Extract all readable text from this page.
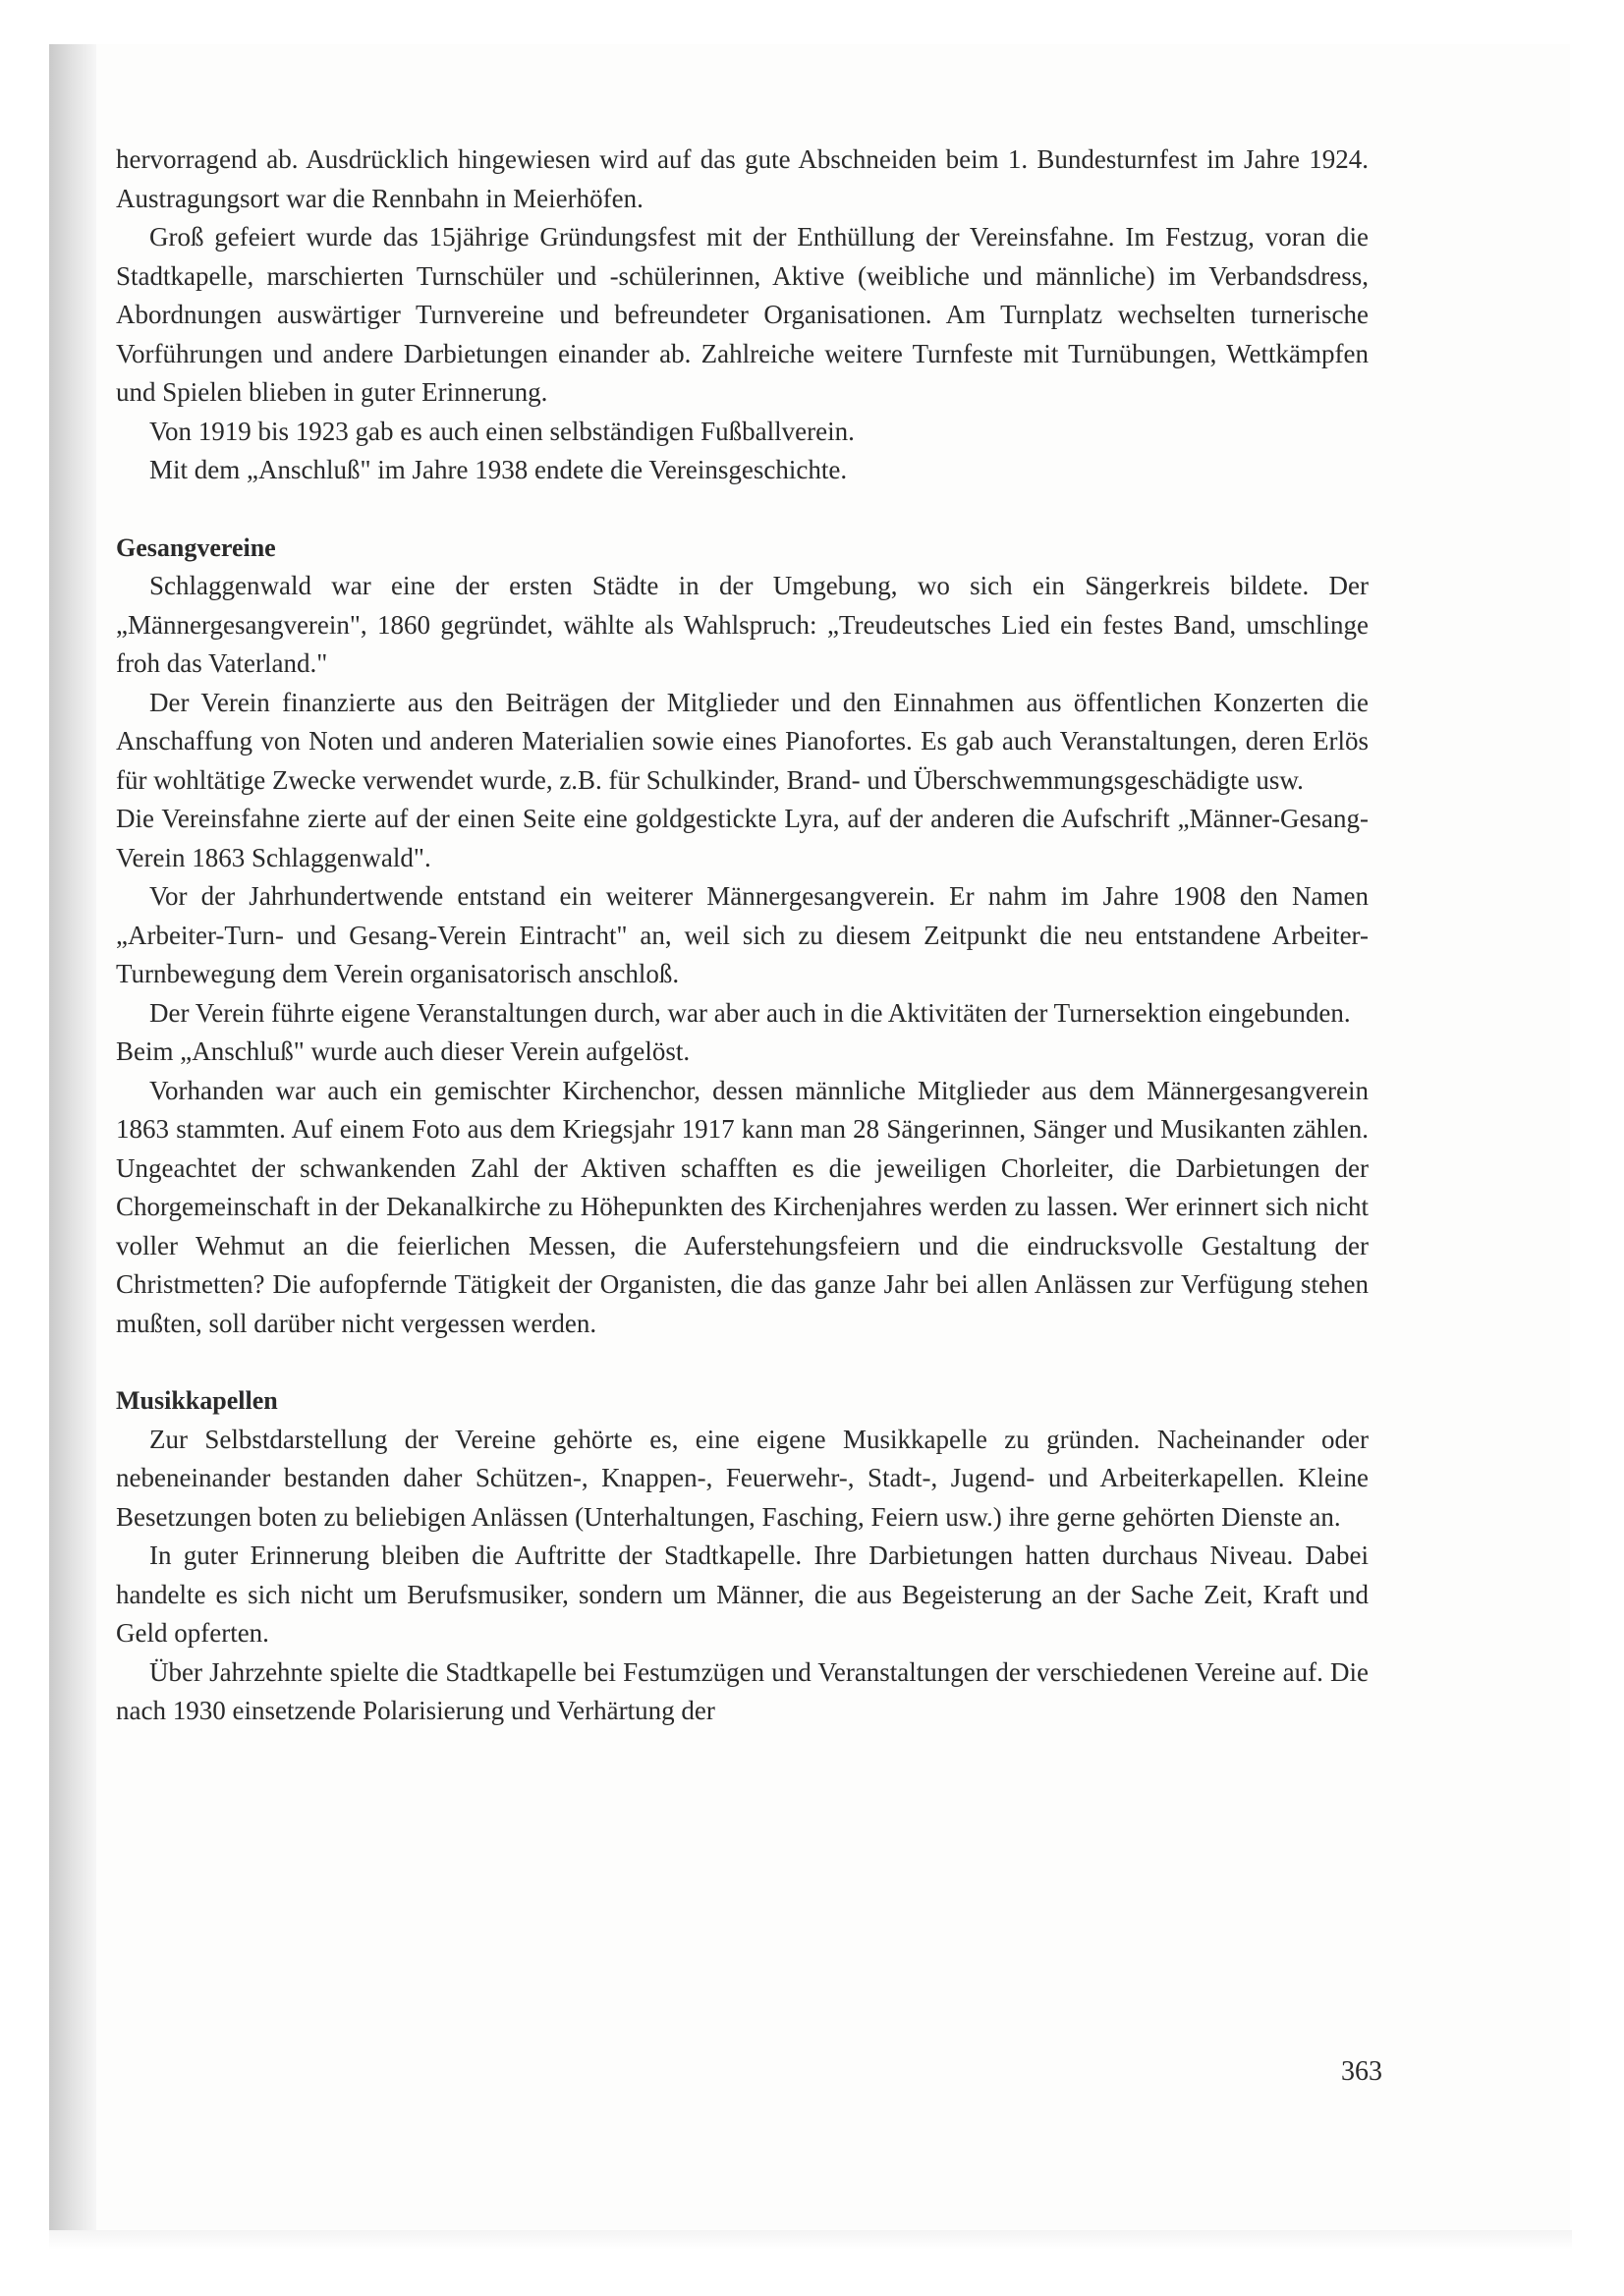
hervorragend ab. Ausdrücklich hingewiesen wird auf das gute Abschneiden beim 1. Bundesturnfest im Jahre 1924. Austragungsort war die Rennbahn in Meierhöfen.

Groß gefeiert wurde das 15jährige Gründungsfest mit der Enthüllung der Vereinsfahne. Im Festzug, voran die Stadtkapelle, marschierten Turnschüler und -schülerinnen, Aktive (weibliche und männliche) im Verbandsdress, Abordnungen auswärtiger Turnvereine und befreundeter Organisationen. Am Turnplatz wechselten turnerische Vorführungen und andere Darbietungen einander ab. Zahlreiche weitere Turnfeste mit Turnübungen, Wettkämpfen und Spielen blieben in guter Erinnerung.

Von 1919 bis 1923 gab es auch einen selbständigen Fußballverein.

Mit dem „Anschluß" im Jahre 1938 endete die Vereinsgeschichte.

Gesangvereine

Schlaggenwald war eine der ersten Städte in der Umgebung, wo sich ein Sängerkreis bildete. Der „Männergesangverein", 1860 gegründet, wählte als Wahlspruch: „Treudeutsches Lied ein festes Band, umschlinge froh das Vaterland."

Der Verein finanzierte aus den Beiträgen der Mitglieder und den Einnahmen aus öffentlichen Konzerten die Anschaffung von Noten und anderen Materialien sowie eines Pianofortes. Es gab auch Veranstaltungen, deren Erlös für wohltätige Zwecke verwendet wurde, z.B. für Schulkinder, Brand- und Überschwemmungsgeschädigte usw.

Die Vereinsfahne zierte auf der einen Seite eine goldgestickte Lyra, auf der anderen die Aufschrift „Männer-Gesang-Verein 1863 Schlaggenwald".

Vor der Jahrhundertwende entstand ein weiterer Männergesangverein. Er nahm im Jahre 1908 den Namen „Arbeiter-Turn- und Gesang-Verein Eintracht" an, weil sich zu diesem Zeitpunkt die neu entstandene Arbeiter-Turnbewegung dem Verein organisatorisch anschloß.

Der Verein führte eigene Veranstaltungen durch, war aber auch in die Aktivitäten der Turnersektion eingebunden.

Beim „Anschluß" wurde auch dieser Verein aufgelöst.

Vorhanden war auch ein gemischter Kirchenchor, dessen männliche Mitglieder aus dem Männergesangverein 1863 stammten. Auf einem Foto aus dem Kriegsjahr 1917 kann man 28 Sängerinnen, Sänger und Musikanten zählen. Ungeachtet der schwankenden Zahl der Aktiven schafften es die jeweiligen Chorleiter, die Darbietungen der Chorgemeinschaft in der Dekanalkirche zu Höhepunkten des Kirchenjahres werden zu lassen. Wer erinnert sich nicht voller Wehmut an die feierlichen Messen, die Auferstehungsfeiern und die eindrucksvolle Gestaltung der Christmetten? Die aufopfernde Tätigkeit der Organisten, die das ganze Jahr bei allen Anlässen zur Verfügung stehen mußten, soll darüber nicht vergessen werden.

Musikkapellen

Zur Selbstdarstellung der Vereine gehörte es, eine eigene Musikkapelle zu gründen. Nacheinander oder nebeneinander bestanden daher Schützen-, Knappen-, Feuerwehr-, Stadt-, Jugend- und Arbeiterkapellen. Kleine Besetzungen boten zu beliebigen Anlässen (Unterhaltungen, Fasching, Feiern usw.) ihre gerne gehörten Dienste an.

In guter Erinnerung bleiben die Auftritte der Stadtkapelle. Ihre Darbietungen hatten durchaus Niveau. Dabei handelte es sich nicht um Berufsmusiker, sondern um Männer, die aus Begeisterung an der Sache Zeit, Kraft und Geld opferten.

Über Jahrzehnte spielte die Stadtkapelle bei Festumzügen und Veranstaltungen der verschiedenen Vereine auf. Die nach 1930 einsetzende Polarisierung und Verhärtung der

363
